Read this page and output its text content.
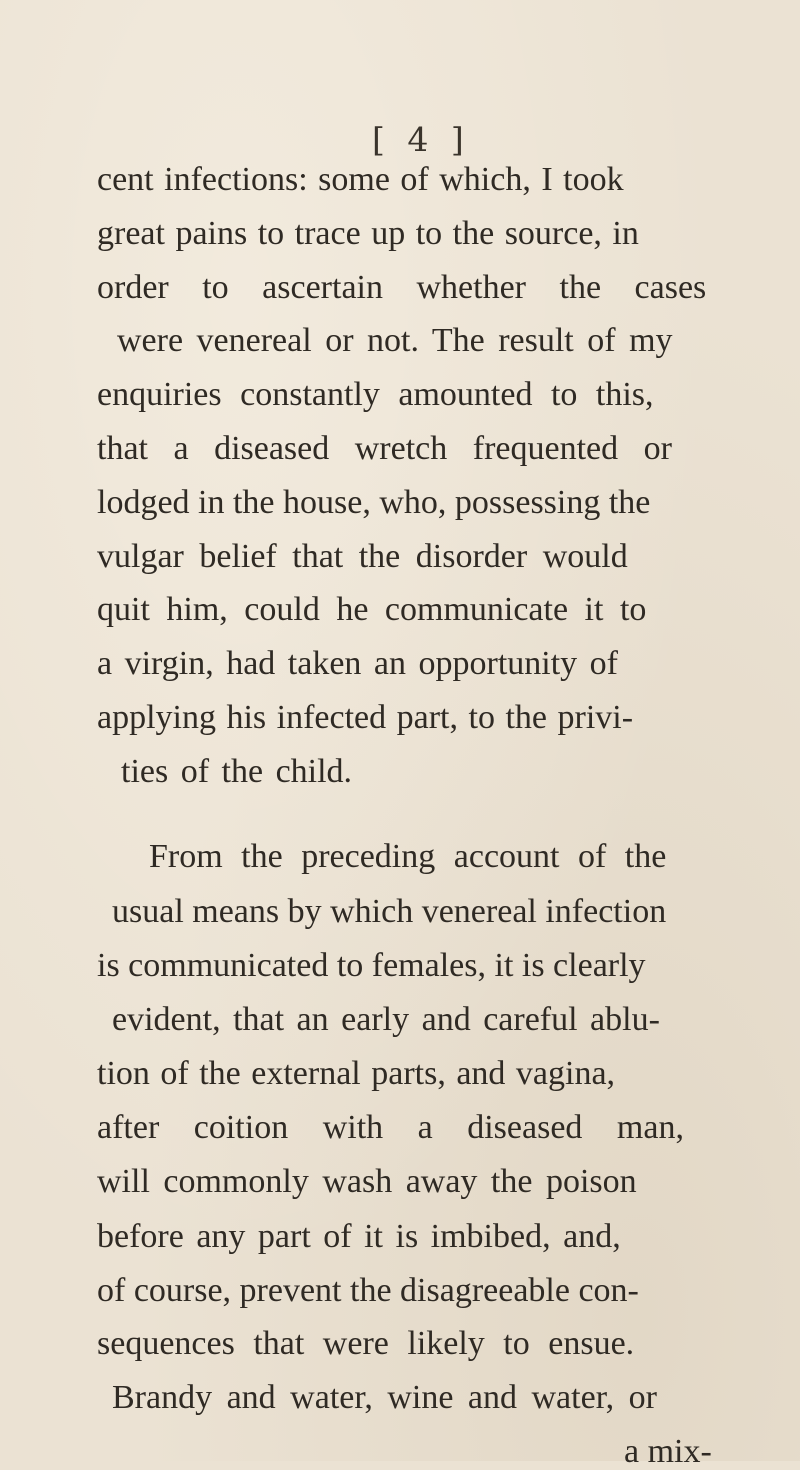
[ 4 ]
cent infections: some of which, I took
great pains to trace up to the source, in
order to ascertain whether the cases
were venereal or not. The result of my
enquiries constantly amounted to this,
that a diseased wretch frequented or
lodged in the house, who, possessing the
vulgar belief that the disorder would
quit him, could he communicate it to
a virgin, had taken an opportunity of
applying his infected part, to the privi-
ties of the child.
From the preceding account of the
usual means by which venereal infection
is communicated to females, it is clearly
evident, that an early and careful ablu-
tion of the external parts, and vagina,
after coition with a diseased man,
will commonly wash away the poison
before any part of it is imbibed, and,
of course, prevent the disagreeable con-
sequences that were likely to ensue.
Brandy and water, wine and water, or
a mix-
